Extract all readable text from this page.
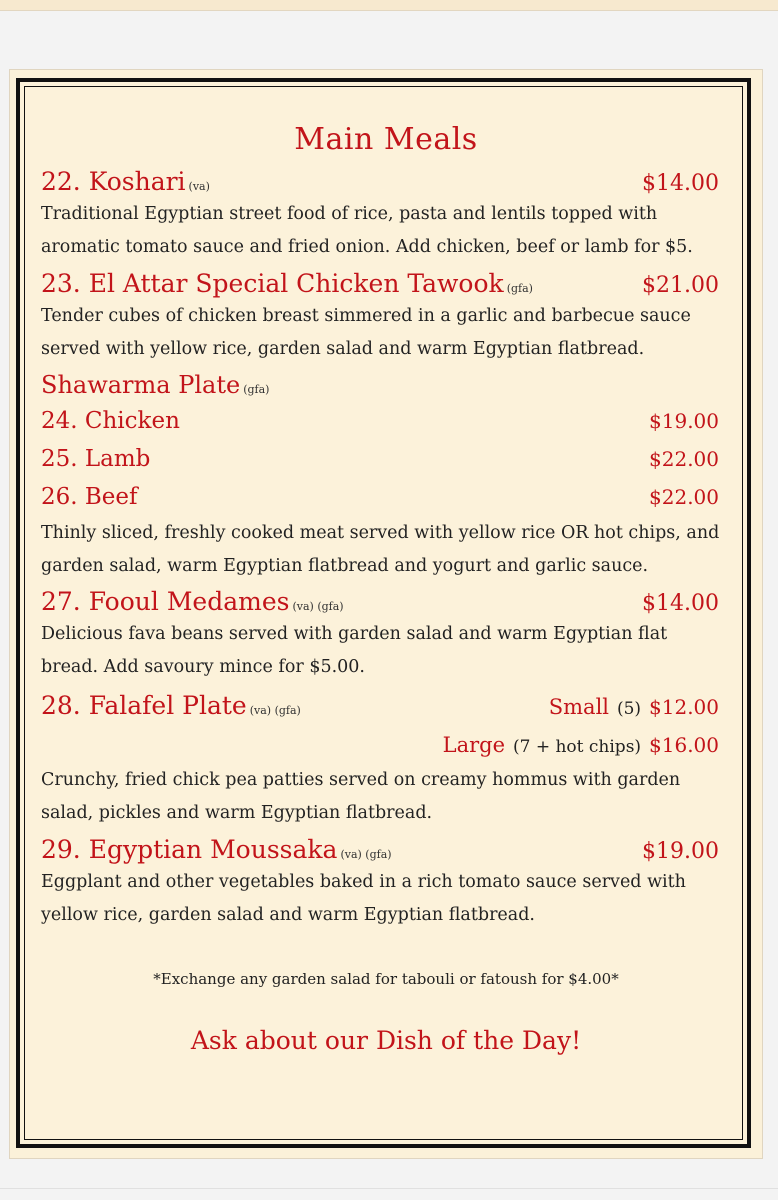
Main Meals
22. Koshari (va)	$14.00
Traditional Egyptian street food of rice, pasta and lentils topped with aromatic tomato sauce and fried onion. Add chicken, beef or lamb for $5.
23. El Attar Special Chicken Tawook (gfa)	$21.00
Tender cubes of chicken breast simmered in a garlic and barbecue sauce served with yellow rice, garden salad and warm Egyptian flatbread.
Shawarma Plate (gfa)
24. Chicken	$19.00
25. Lamb	$22.00
26. Beef	$22.00
Thinly sliced, freshly cooked meat served with yellow rice OR hot chips, and garden salad, warm Egyptian flatbread and yogurt and garlic sauce.
27. Fooul Medames (va) (gfa)	$14.00
Delicious fava beans served with garden salad and warm Egyptian flat bread. Add savoury mince for $5.00.
28. Falafel Plate (va) (gfa)	Small (5) $12.00
Large (7 + hot chips) $16.00
Crunchy, fried chick pea patties served on creamy hommus with garden salad, pickles and warm Egyptian flatbread.
29. Egyptian Moussaka (va) (gfa)	$19.00
Eggplant and other vegetables baked in a rich tomato sauce served with yellow rice, garden salad and warm Egyptian flatbread.
*Exchange any garden salad for tabouli or fatoush for $4.00*
Ask about our Dish of the Day!
